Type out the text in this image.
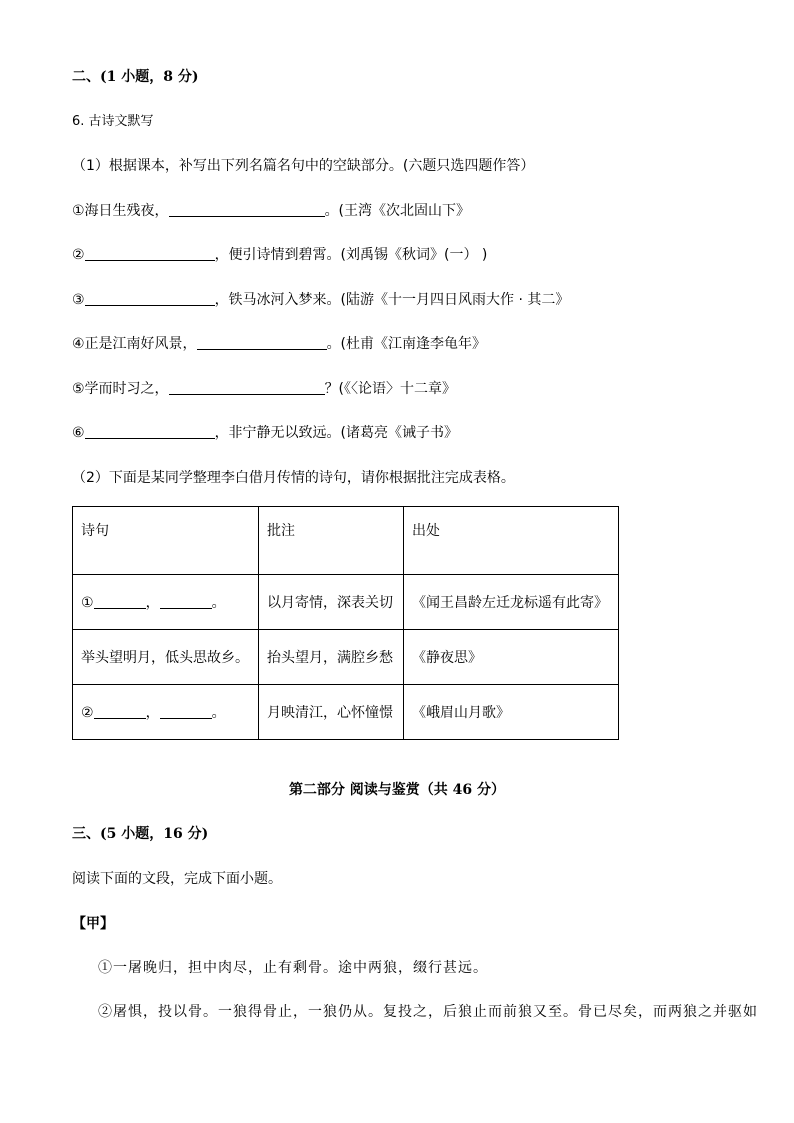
二、(1 小题，8 分)
6. 古诗文默写
（1）根据课本，补写出下列名篇名句中的空缺部分。(六题只选四题作答）
①海日生残夜，	。(王湾《次北固山下》
②	，便引诗情到碧霄。(刘禹锡《秋词》(一） )
③	，铁马冰河入梦来。(陆游《十一月四日风雨大作 · 其二》
④正是江南好风景，	。(杜甫《江南逢李龟年》
⑤学而时习之，	？(《〈论语〉十二章》
⑥	，非宁静无以致远。(诸葛亮《诫子书》
（2）下面是某同学整理李白借月传情的诗句，请你根据批注完成表格。
诗句	批注	出处
① ， 。	以月寄情，深表关切	《闻王昌龄左迁龙标遥有此寄》
举头望明月，低头思故乡。	抬头望月，满腔乡愁	《静夜思》
② ， 。	月映清江，心怀憧憬	《峨眉山月歌》
第二部分 阅读与鉴赏（共 46 分）
三、(5 小题，16 分)
阅读下面的文段，完成下面小题。
【甲】
①一屠晚归，担中肉尽，止有剩骨。途中两狼，缀行甚远。
②屠惧，投以骨。一狼得骨止，一狼仍从。复投之，后狼止而前狼又至。骨已尽矣，而两狼之并驱如
